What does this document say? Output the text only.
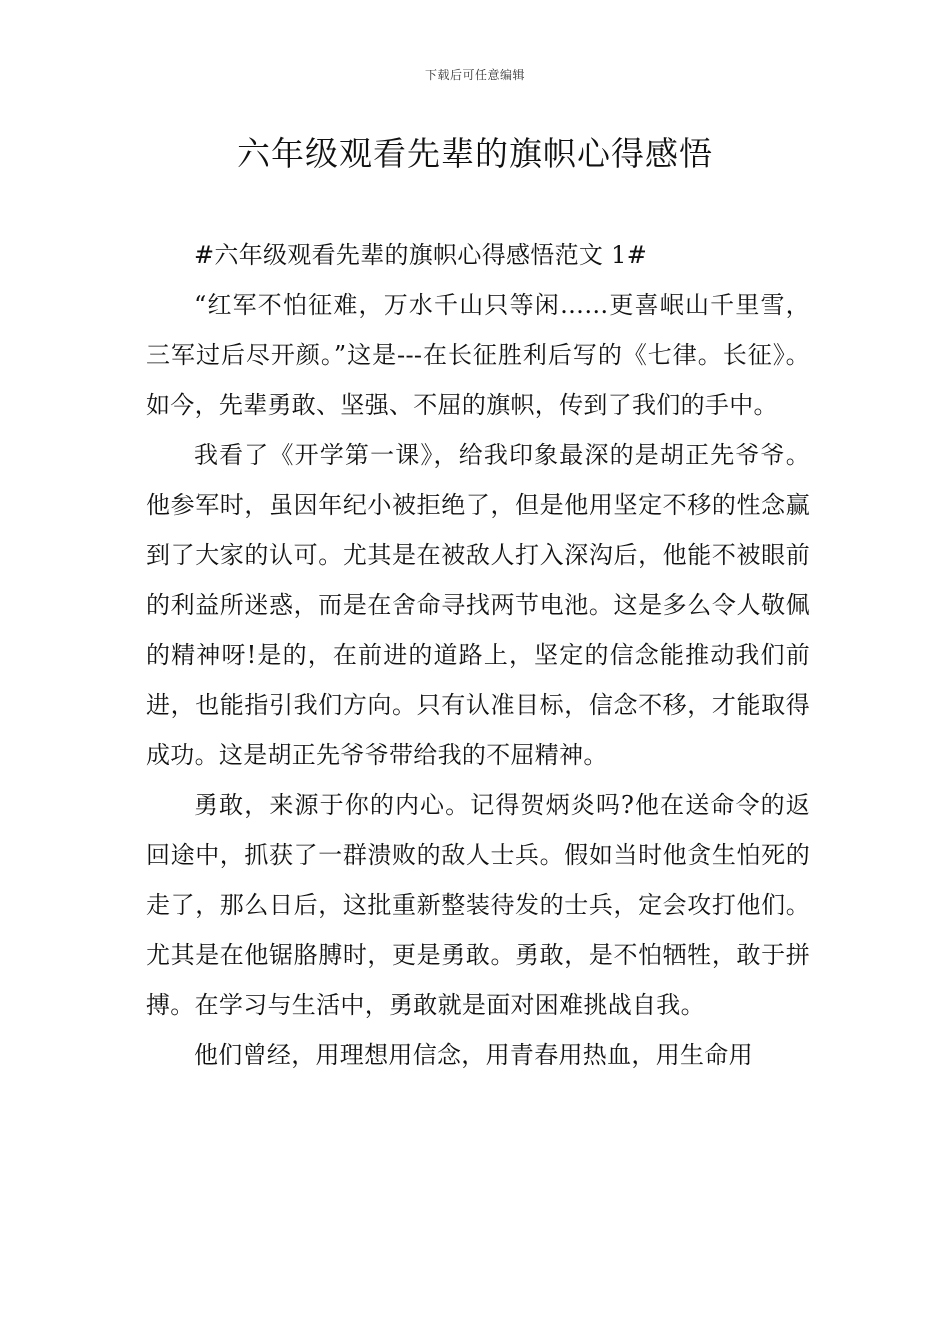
下载后可任意编辑
六年级观看先辈的旗帜心得感悟

#六年级观看先辈的旗帜心得感悟范文 1#

“红军不怕征难，万水千山只等闲……更喜岷山千里雪，三军过后尽开颜。”这是---在长征胜利后写的《七律。长征》。如今，先辈勇敢、坚强、不屈的旗帜，传到了我们的手中。

我看了《开学第一课》，给我印象最深的是胡正先爷爷。他参军时，虽因年纪小被拒绝了，但是他用坚定不移的性念赢到了大家的认可。尤其是在被敌人打入深沟后，他能不被眼前的利益所迷惑，而是在舍命寻找两节电池。这是多么令人敬佩的精神呀!是的，在前进的道路上，坚定的信念能推动我们前进，也能指引我们方向。只有认准目标，信念不移，才能取得成功。这是胡正先爷爷带给我的不屈精神。

勇敢，来源于你的内心。记得贺炳炎吗?他在送命令的返回途中，抓获了一群溃败的敌人士兵。假如当时他贪生怕死的走了，那么日后，这批重新整装待发的士兵，定会攻打他们。尤其是在他锯胳膊时，更是勇敢。勇敢，是不怕牺牲，敢于拼搏。在学习与生活中，勇敢就是面对困难挑战自我。

他们曾经，用理想用信念，用青春用热血，用生命用
